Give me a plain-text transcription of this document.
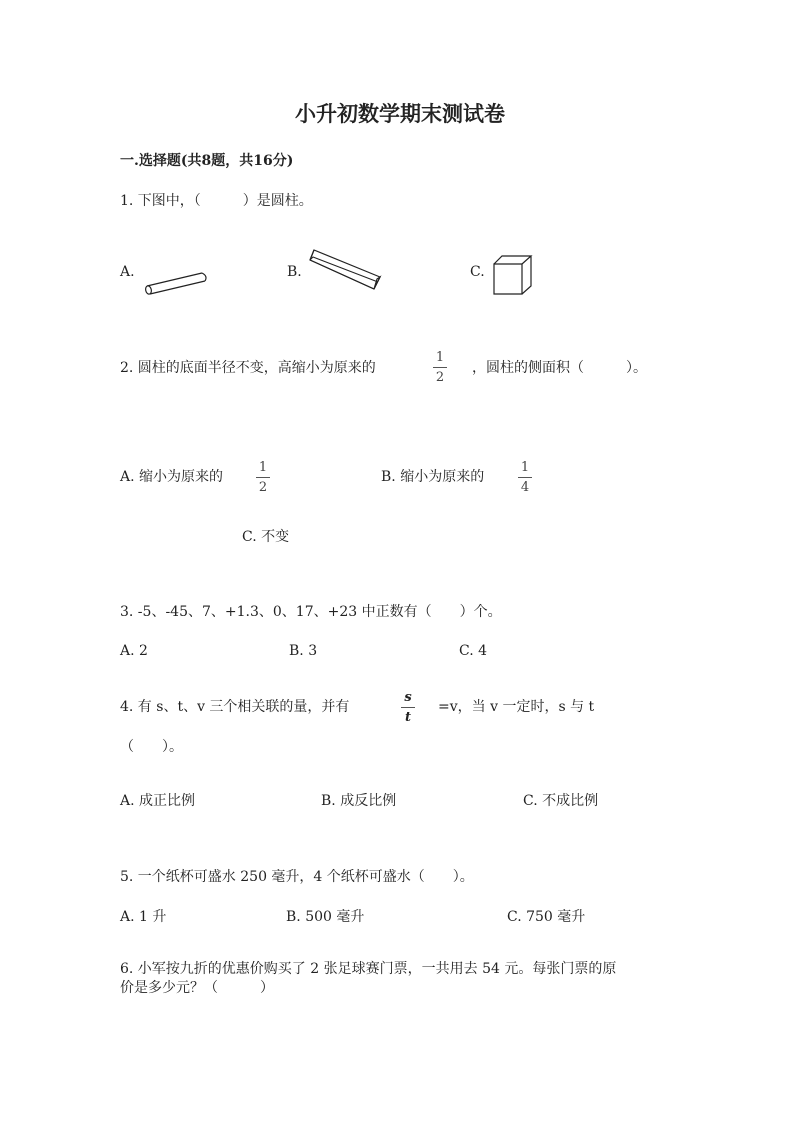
小升初数学期末测试卷
一.选择题(共8题，共16分)
1. 下图中，（　　　）是圆柱。
A.	B.	C.
2. 圆柱的底面半径不变，高缩小为原来的
1
2
，圆柱的侧面积（　　　）。
A. 缩小为原来的
1
2
B. 缩小为原来的
1
4
C. 不变
3. -5、-45、7、+1.3、0、17、+23 中正数有（　　）个。
A. 2	B. 3	C. 4
4. 有 s、t、v 三个相关联的量，并有
s
t
=v，当 v 一定时，s 与 t
（　　）。
A. 成正比例	B. 成反比例	C. 不成比例
5. 一个纸杯可盛水 250 毫升，4 个纸杯可盛水（　　）。
A. 1 升	B. 500 毫升	C. 750 毫升
6. 小军按九折的优惠价购买了 2 张足球赛门票，一共用去 54 元。每张门票的原
价是多少元？（　　　）
